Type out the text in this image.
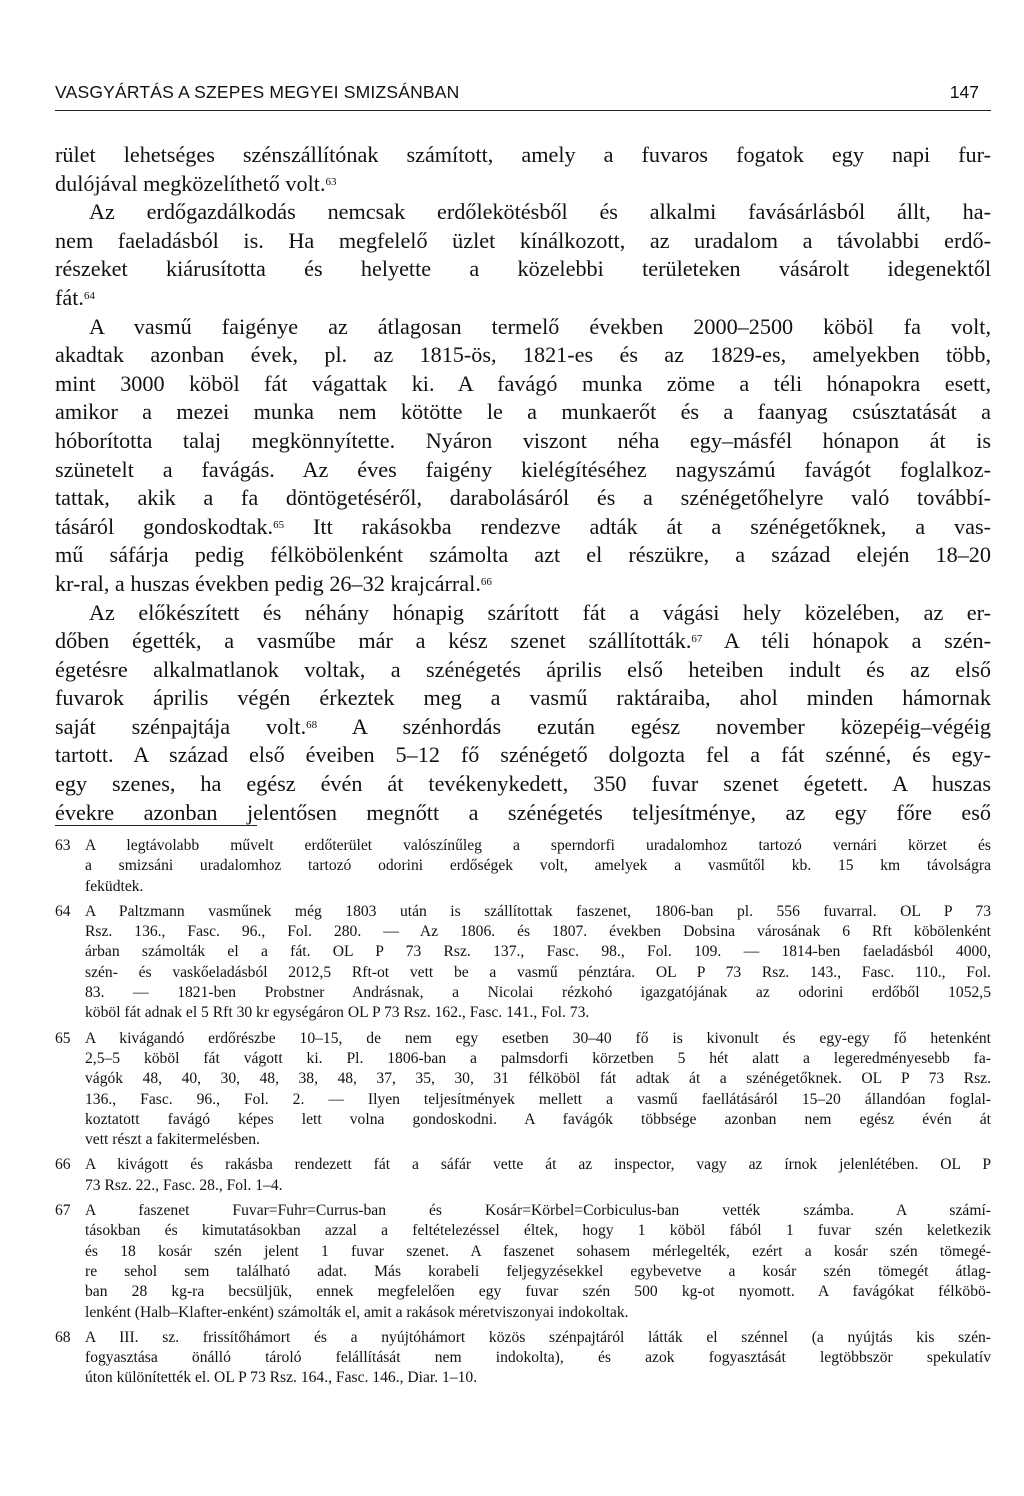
VASGYÁRTÁS A SZEPES MEGYEI SMIZSÁNBAN	147
rület lehetséges szénszállítónak számított, amely a fuvaros fogatok egy napi fur-
dulójával megközelíthető volt.$^{63}$
Az erdőgazdálkodás nemcsak erdőlekötésből és alkalmi favásárlásból állt, ha-
nem faeladásból is. Ha megfelelő üzlet kínálkozott, az uradalom a távolabbi erdő-
részeket kiárusította és helyette a közelebbi területeken vásárolt idegenektől
fát.$^{64}$
A vasmű faigénye az átlagosan termelő években 2000–2500 köböl fa volt,
akadtak azonban évek, pl. az 1815-ös, 1821-es és az 1829-es, amelyekben több,
mint 3000 köböl fát vágattak ki. A favágó munka zöme a téli hónapokra esett,
amikor a mezei munka nem kötötte le a munkaerőt és a faanyag csúsztatását a
hóborította talaj megkönnyítette. Nyáron viszont néha egy–másfél hónapon át is
szünetelt a favágás. Az éves faigény kielégítéséhez nagyszámú favágót foglalkoz-
tattak, akik a fa döntögetéséről, darabolásáról és a szénégetőhelyre való továbbí-
tásáról gondoskodtak.$^{65}$ Itt rakásokba rendezve adták át a szénégetőknek, a vas-
mű sáfárja pedig félköbölenként számolta azt el részükre, a század elején 18–20
kr-ral, a huszas években pedig 26–32 krajcárral.$^{66}$
Az előkészített és néhány hónapig szárított fát a vágási hely közelében, az er-
dőben égették, a vasműbe már a kész szenet szállították.$^{67}$ A téli hónapok a szén-
égetésre alkalmatlanok voltak, a szénégetés április első heteiben indult és az első
fuvarok április végén érkeztek meg a vasmű raktáraiba, ahol minden hámornak
saját szénpajtája volt.$^{68}$ A szénhordás ezután egész november közepéig–végéig
tartott. A század első éveiben 5–12 fő szénégető dolgozta fel a fát szénné, és egy-
egy szenes, ha egész évén át tevékenykedett, 350 fuvar szenet égetett. A huszas
évekre azonban jelentősen megnőtt a szénégetés teljesítménye, az egy főre eső
63 A legtávolabb művelt erdőterület valószínűleg a sperndorfi uradalomhoz tartozó vernári körzet és
a smizsáni uradalomhoz tartozó odorini erdőségek volt, amelyek a vasműtől kb. 15 km távolságra
feküdtek.
64 A Paltzmann vasműnek még 1803 után is szállítottak faszenet, 1806-ban pl. 556 fuvarral. OL P 73
Rsz. 136., Fasc. 96., Fol. 280. — Az 1806. és 1807. években Dobsina városának 6 Rft köbölenként
árban számolták el a fát. OL P 73 Rsz. 137., Fasc. 98., Fol. 109. — 1814-ben faeladásból 4000,
szén- és vaskőeladásból 2012,5 Rft-ot vett be a vasmű pénztára. OL P 73 Rsz. 143., Fasc. 110., Fol.
83. — 1821-ben Probstner Andrásnak, a Nicolai rézkohó igazgatójának az odorini erdőből 1052,5
köböl fát adnak el 5 Rft 30 kr egységáron OL P 73 Rsz. 162., Fasc. 141., Fol. 73.
65 A kivágandó erdőrészbe 10–15, de nem egy esetben 30–40 fő is kivonult és egy-egy fő hetenként
2,5–5 köböl fát vágott ki. Pl. 1806-ban a palmsdorfi körzetben 5 hét alatt a legeredményesebb fa-
vágók 48, 40, 30, 48, 38, 48, 37, 35, 30, 31 félköböl fát adtak át a szénégetőknek. OL P 73 Rsz.
136., Fasc. 96., Fol. 2. — Ilyen teljesítmények mellett a vasmű faellátásáról 15–20 állandóan foglal-
koztatott favágó képes lett volna gondoskodni. A favágók többsége azonban nem egész évén át
vett részt a fakitermelésben.
66 A kivágott és rakásba rendezett fát a sáfár vette át az inspector, vagy az írnok jelenlétében. OL P
73 Rsz. 22., Fasc. 28., Fol. 1–4.
67 A faszenet Fuvar=Fuhr=Currus-ban és Kosár=Körbel=Corbiculus-ban vették számba. A számí-
tásokban és kimutatásokban azzal a feltételezéssel éltek, hogy 1 köböl fából 1 fuvar szén keletkezik
és 18 kosár szén jelent 1 fuvar szenet. A faszenet sohasem mérlegelték, ezért a kosár szén tömegé-
re sehol sem található adat. Más korabeli feljegyzésekkel egybevetve a kosár szén tömegét átlag-
ban 28 kg-ra becsüljük, ennek megfelelően egy fuvar szén 500 kg-ot nyomott. A favágókat félköbö-
lenként (Halb–Klafter-enként) számolták el, amit a rakások méretviszonyai indokoltak.
68 A III. sz. frissítőhámort és a nyújtóhámort közös szénpajtáról látták el szénnel (a nyújtás kis szén-
fogyasztása önálló tároló felállítását nem indokolta), és azok fogyasztását legtöbbször spekulatív
úton különítették el. OL P 73 Rsz. 164., Fasc. 146., Diar. 1–10.
